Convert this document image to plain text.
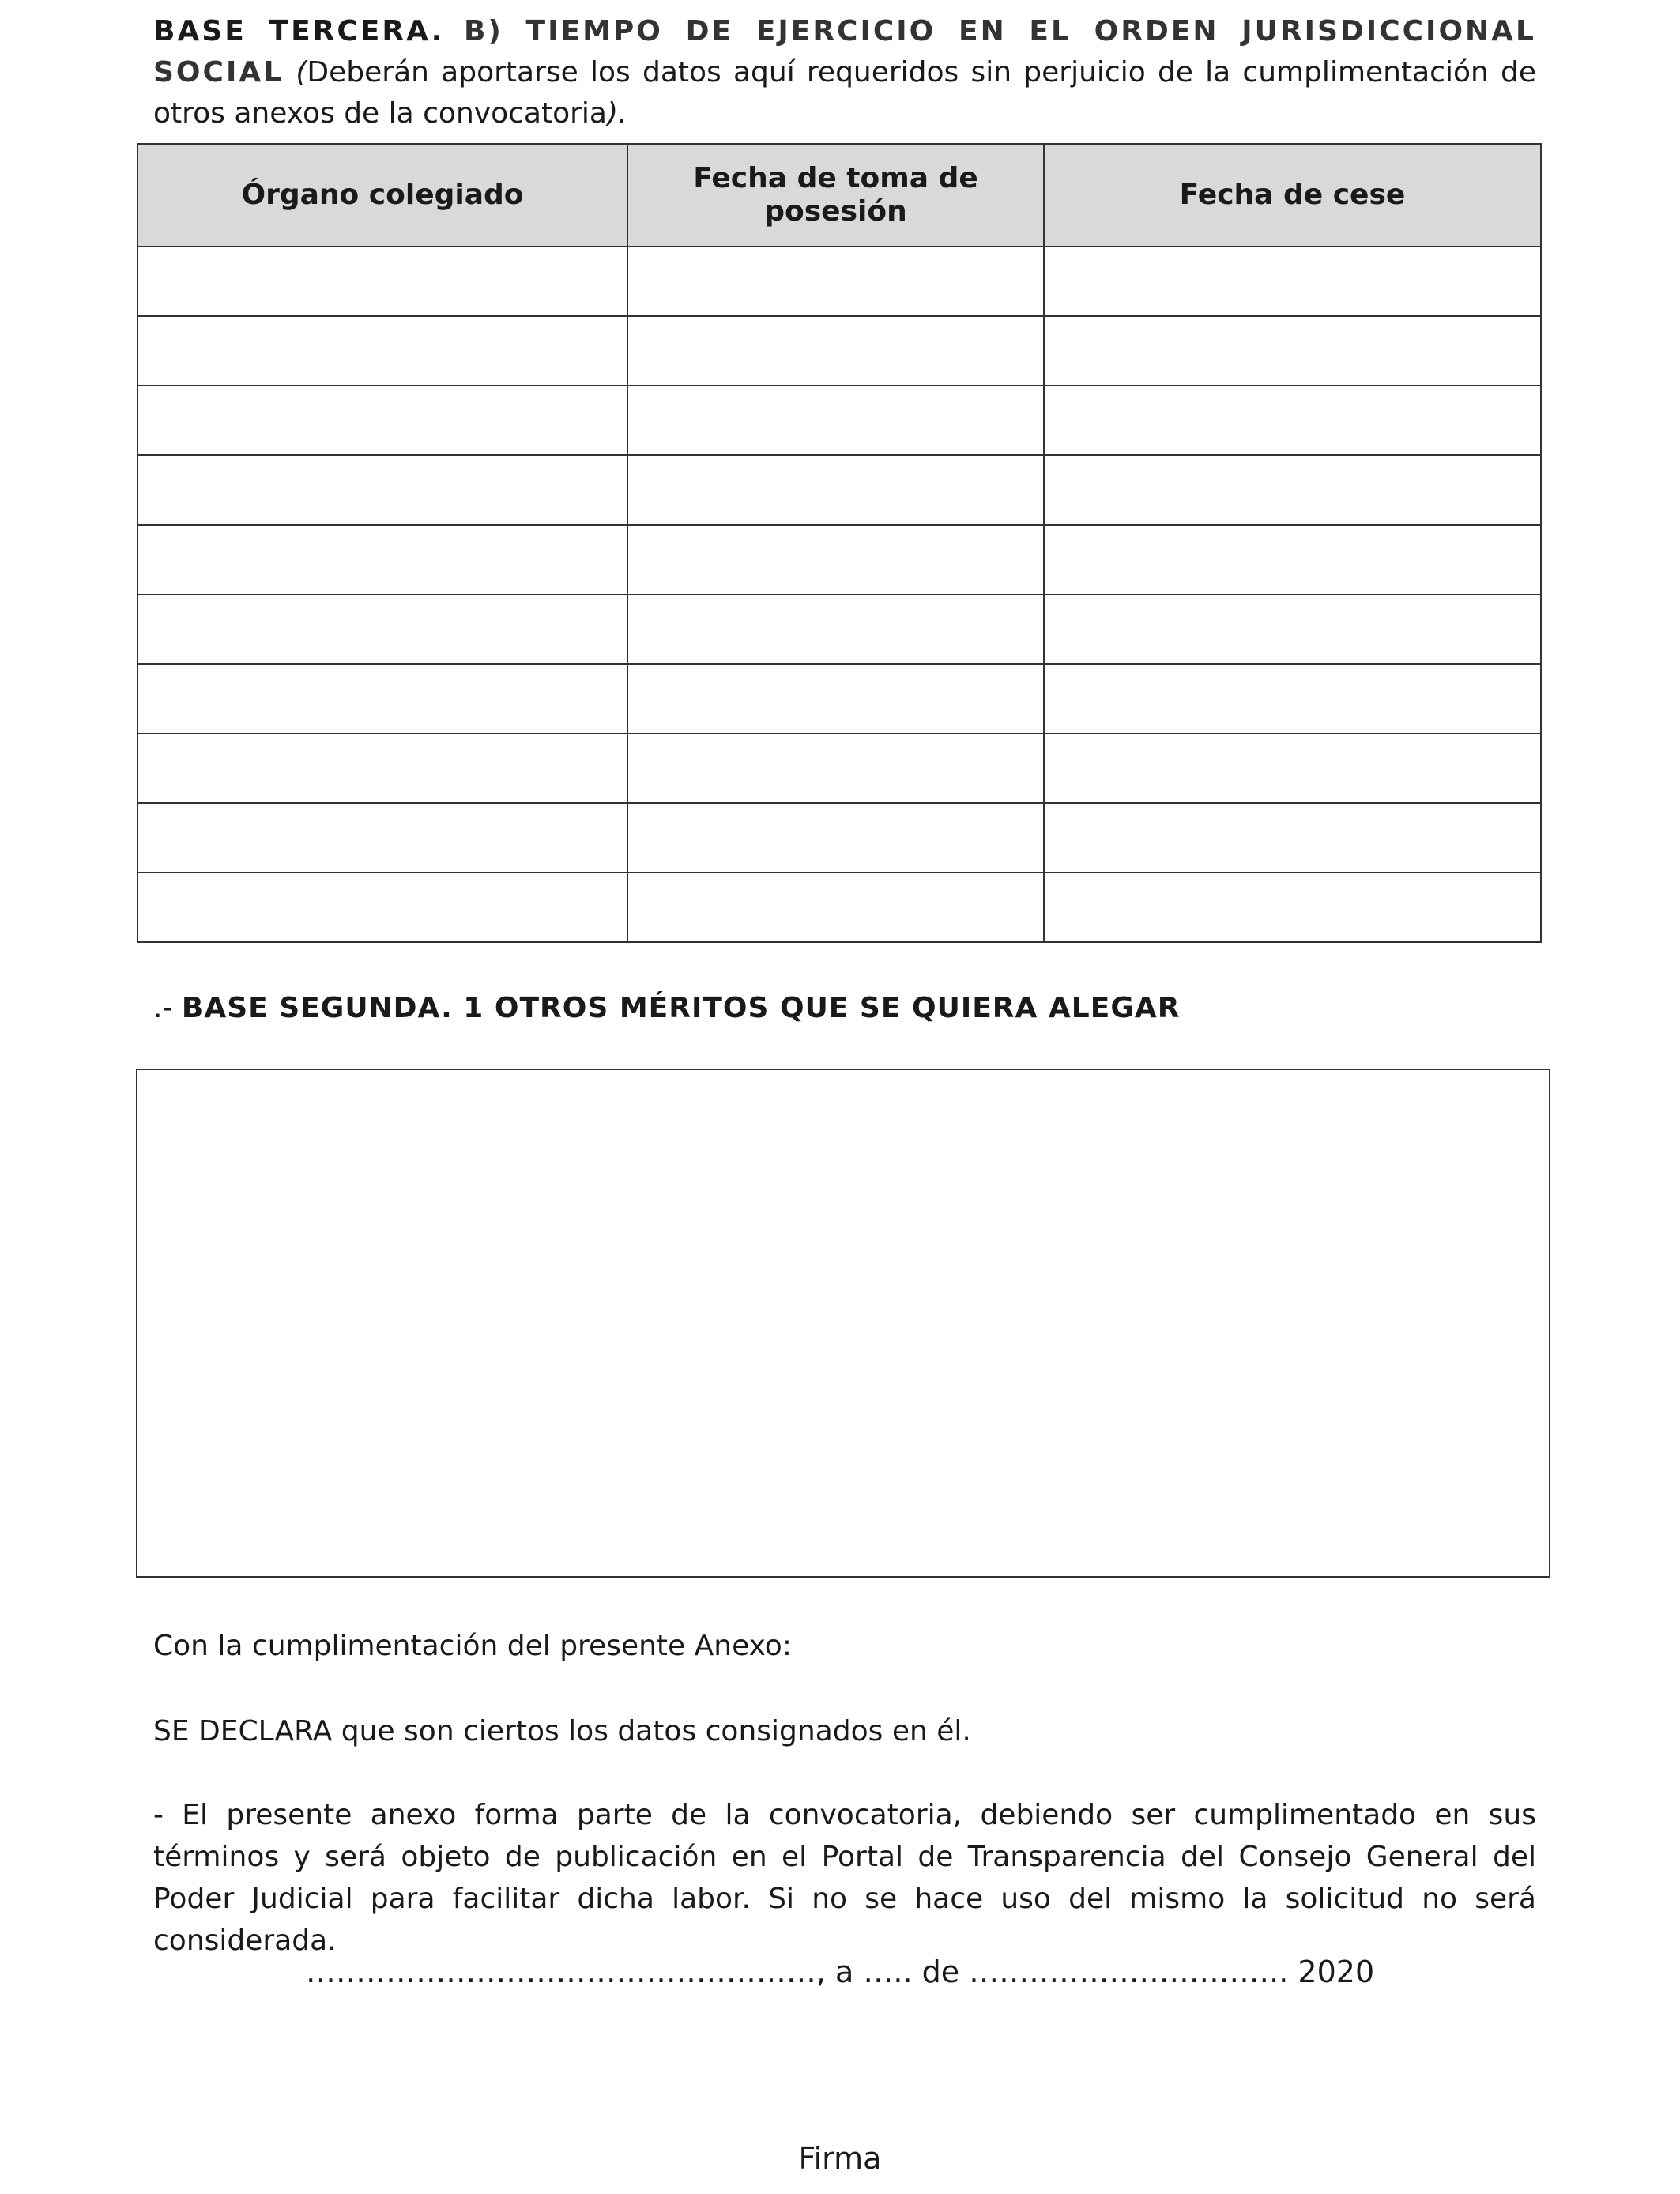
BASE TERCERA. B) TIEMPO DE EJERCICIO EN EL ORDEN JURISDICCIONAL SOCIAL (Deberán aportarse los datos aquí requeridos sin perjuicio de la cumplimentación de otros anexos de la convocatoria).
Órgano colegiado	Fecha de toma de posesión	Fecha de cese

.- BASE SEGUNDA. 1 OTROS MÉRITOS QUE SE QUIERA ALEGAR
Con la cumplimentación del presente Anexo:
SE DECLARA que son ciertos los datos consignados en él.
- El presente anexo forma parte de la convocatoria, debiendo ser cumplimentado en sus términos y será objeto de publicación en el Portal de Transparencia del Consejo General del Poder Judicial para facilitar dicha labor. Si no se hace uso del mismo la solicitud no será considerada.
……………………………………………, a ….. de ………………………….. 2020
Firma
